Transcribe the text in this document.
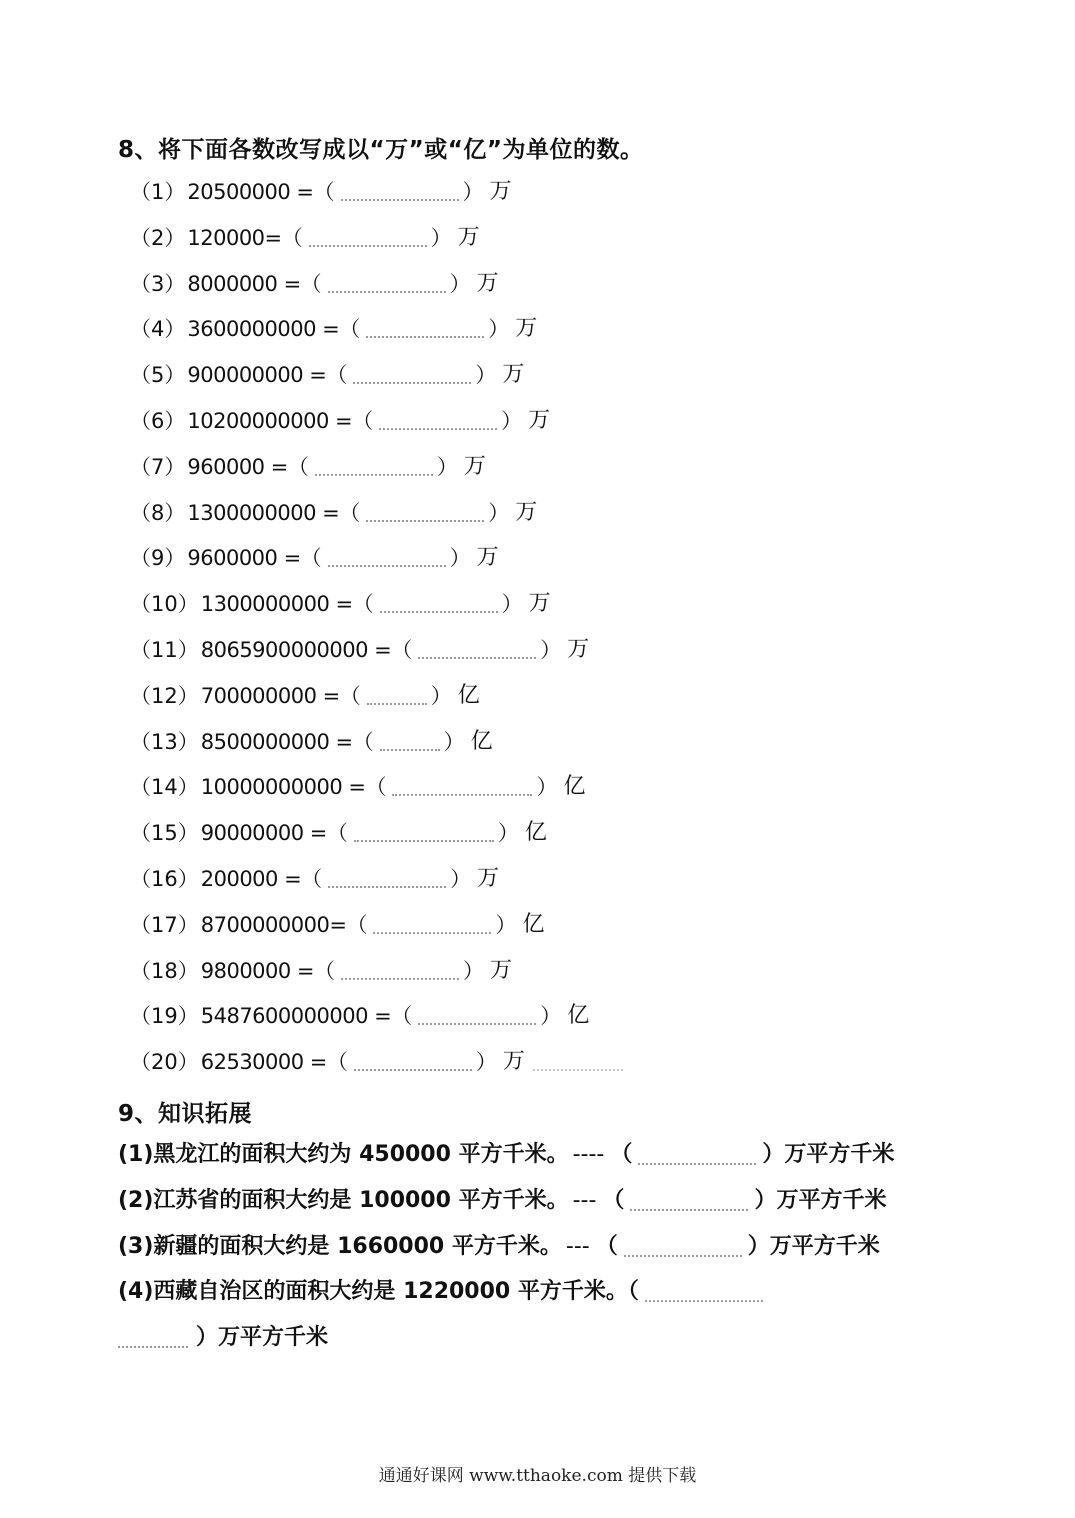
8、将下面各数改写成以“万”或“亿”为单位的数。
（1） 20500000 = （	） 万
（2） 120000= （	） 万
（3） 8000000 = （	） 万
（4） 3600000000 = （	） 万
（5） 900000000 = （	） 万
（6） 10200000000 = （	） 万
（7） 960000 = （	） 万
（8） 1300000000 = （	） 万
（9） 9600000 = （	） 万
（10） 1300000000 = （	） 万
（11） 8065900000000 = （	） 万
（12） 700000000 = （	） 亿
（13） 8500000000 = （	） 亿
（14） 10000000000 = （	） 亿
（15） 90000000 = （	） 亿
（16） 200000 = （	） 万
（17） 8700000000= （	） 亿
（18） 9800000 = （	） 万
（19） 5487600000000 = （	） 亿
（20） 62530000 = （	） 万
9、知识拓展
(1)黑龙江的面积大约为 450000 平方千米。 ---- （	）万平方千米
(2)江苏省的面积大约是 100000 平方千米。 --- （	）万平方千米
(3)新疆的面积大约是 1660000 平方千米。 --- （	）万平方千米
(4)西藏自治区的面积大约是 1220000 平方千米。（
）万平方千米
通通好课网 www.tthaoke.com 提供下载
